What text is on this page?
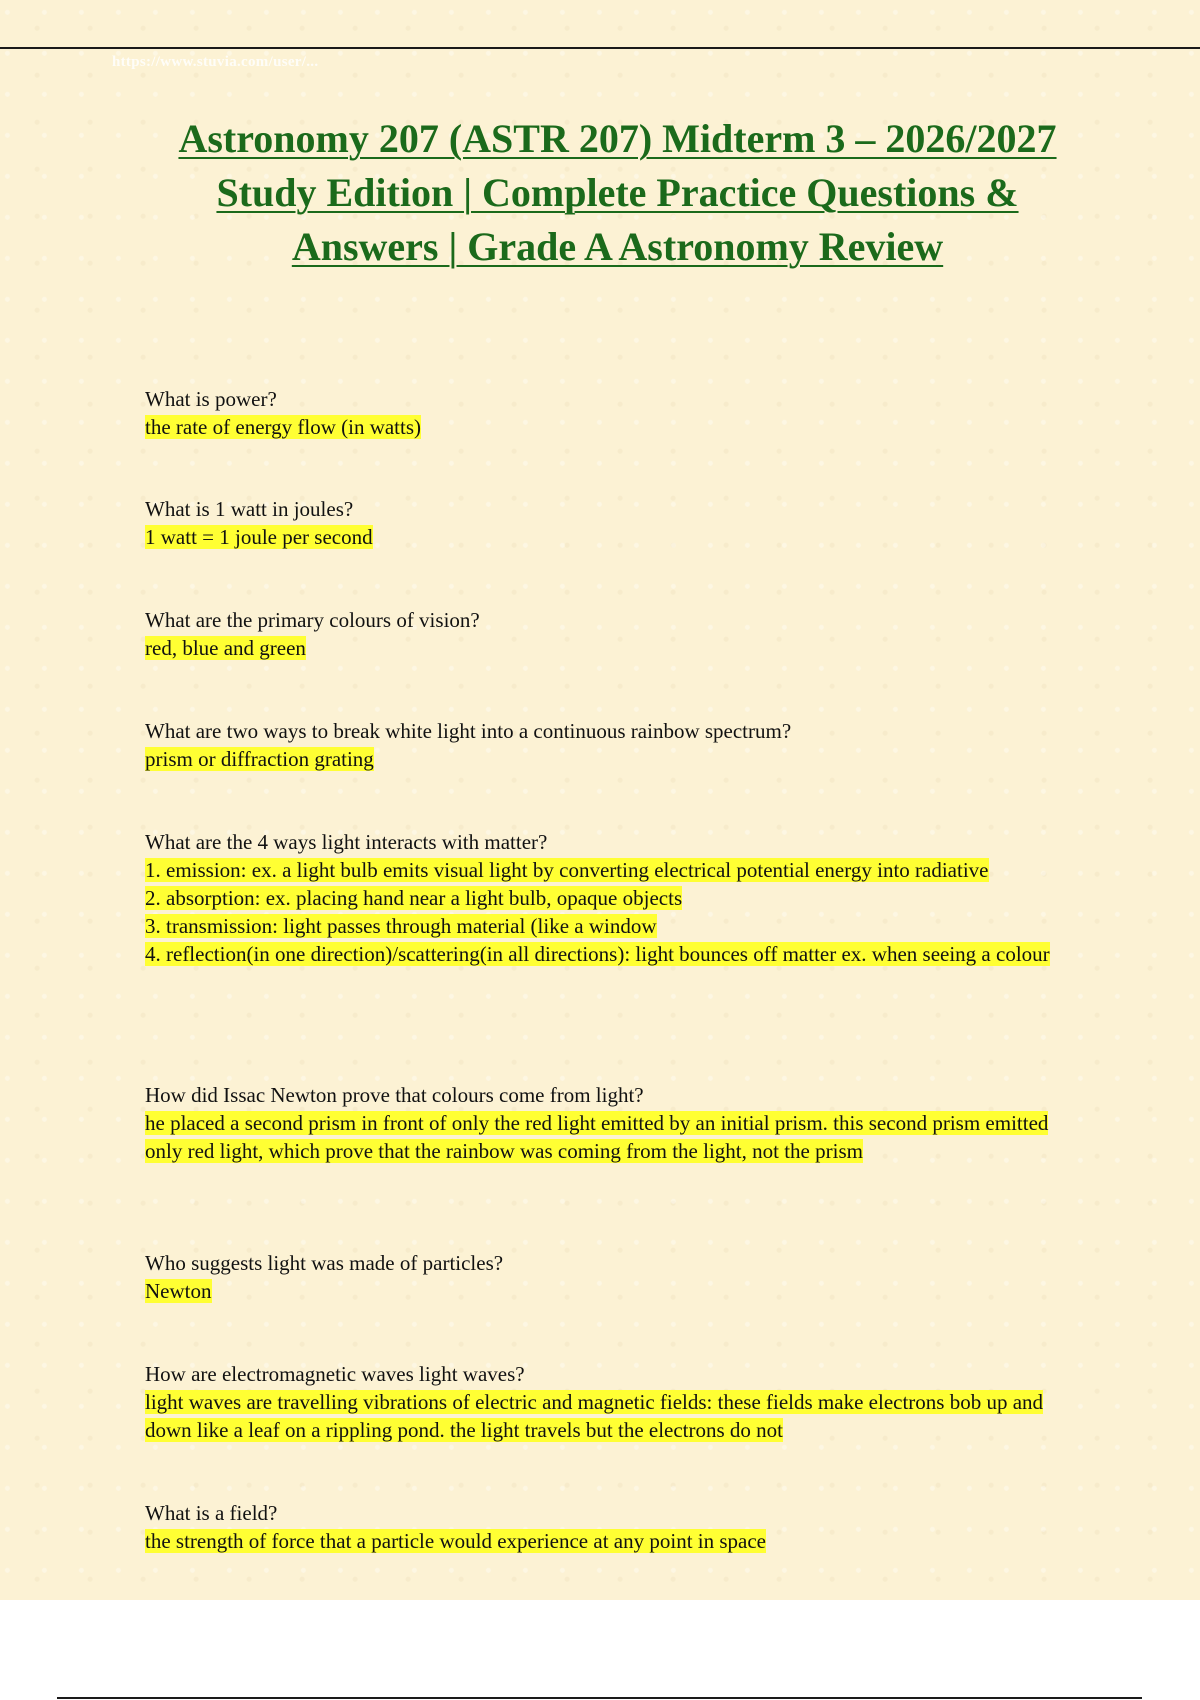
https://www.stuvia.com/user/...
Astronomy 207 (ASTR 207) Midterm 3 – 2026/2027 Study Edition | Complete Practice Questions & Answers | Grade A Astronomy Review
What is power?
the rate of energy flow (in watts)
What is 1 watt in joules?
1 watt = 1 joule per second
What are the primary colours of vision?
red, blue and green
What are two ways to break white light into a continuous rainbow spectrum?
prism or diffraction grating
What are the 4 ways light interacts with matter?
1. emission: ex. a light bulb emits visual light by converting electrical potential energy into radiative
2. absorption: ex. placing hand near a light bulb, opaque objects
3. transmission: light passes through material (like a window
4. reflection(in one direction)/scattering(in all directions): light bounces off matter ex. when seeing a colour
How did Issac Newton prove that colours come from light?
he placed a second prism in front of only the red light emitted by an initial prism. this second prism emitted only red light, which prove that the rainbow was coming from the light, not the prism
Who suggests light was made of particles?
Newton
How are electromagnetic waves light waves?
light waves are travelling vibrations of electric and magnetic fields: these fields make electrons bob up and down like a leaf on a rippling pond. the light travels but the electrons do not
What is a field?
the strength of force that a particle would experience at any point in space
